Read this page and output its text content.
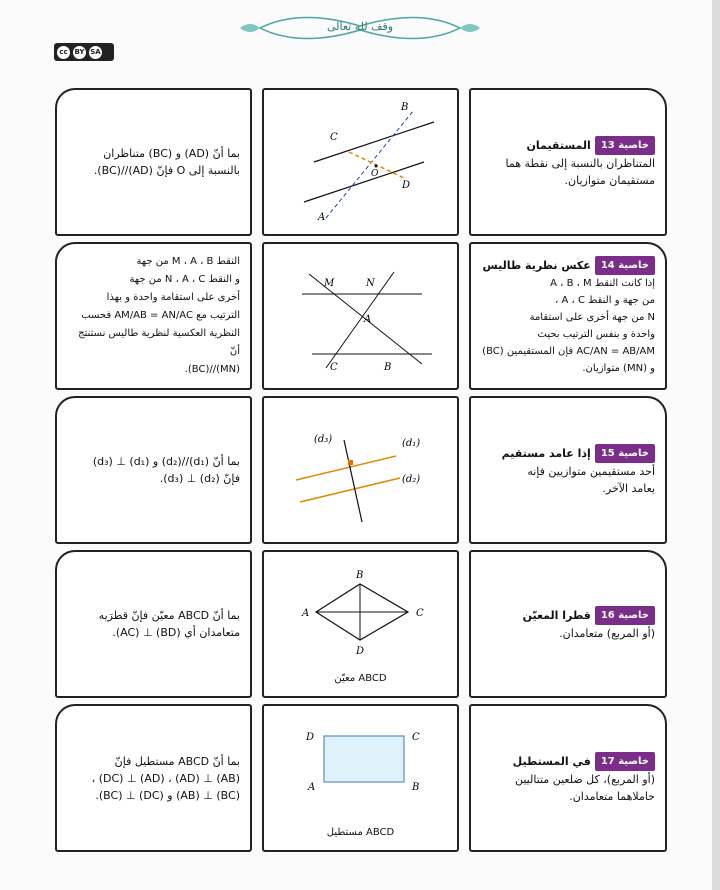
وقف لله تعالى
cc BY SA
بما أنّ (AD) و (BC) متناظران
بالنسبة إلى O فإنّ (AD)//(BC).
B
C
O
D
A
خاصية 13
المستقيمان
المتناظران بالنسبة إلى نقطة هما
مستقيمان متوازيان.
النقط M ، A ، B من جهة
و النقط N ، A ، C من جهة
أخرى على استقامة واحدة و بهذا
الترتيب مع AM/AB = AN/AC فحسب
النظرية العكسية لنظرية طاليس نستنتج أنّ
(MN)//(BC).
M	N
A
C	B
خاصية 14
عكس نظرية طاليس
إذا كانت النقط A ، B ، M
من جهة و النقط A ، C ،
N من جهة أخرى على استقامة
واحدة و بنفس الترتيب بحيث
AC/AN = AB/AM فإن المستقيمين (BC)
و (MN) متوازيان.
بما أنّ (d₁)//(d₂) و (d₁) ⊥ (d₃)
فإنّ (d₂) ⊥ (d₃).
(d₃)	(d₁)
(d₂)
خاصية 15
إذا عامد مستقيم
أحد مستقيمين متوازيين فإنه
يعامد الآخر.
بما أنّ ABCD معيّن فإنّ قطرَيه
متعامدان أي (BD) ⊥ (AC).
B
A	C
D
ABCD معيّن
خاصية 16
قطرا المعيّن
(أو المربع) متعامدان.
بما أنّ ABCD مستطيل فإنّ
(AB) ⊥ (AD) ، (AD) ⊥ (DC) ،
(BC) ⊥ (AB) و (DC) ⊥ (BC).
D	C
A	B
ABCD مستطيل
خاصية 17
في المستطيل
(أو المربع)، كل ضلعين متتاليين
حاملاهما متعامدان.
